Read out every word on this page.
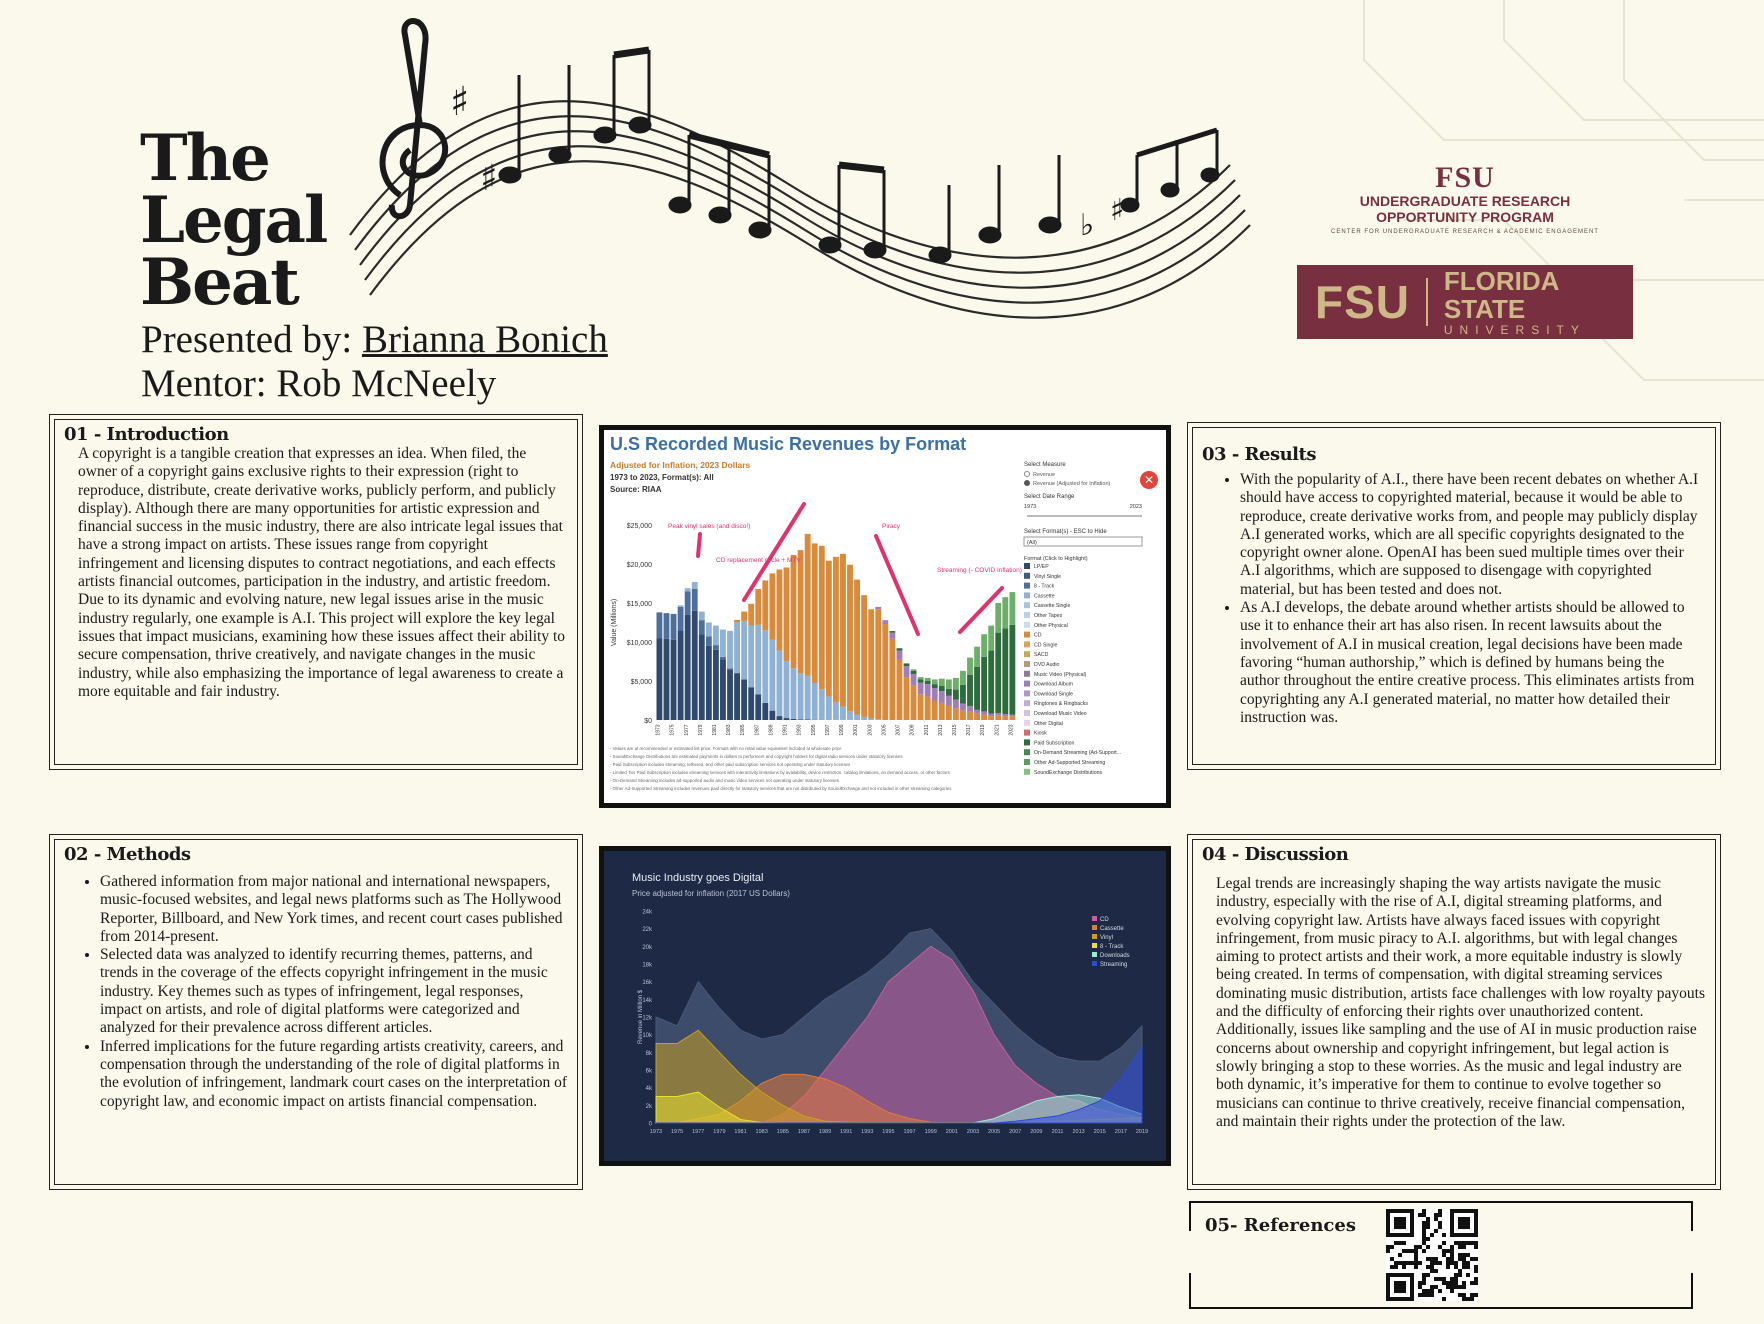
♯
♯
♭ ♯
The
Legal
Beat
Presented by: Brianna Bonich
Mentor: Rob McNeely
FSU
UNDERGRADUATE RESEARCH
OPPORTUNITY PROGRAM
CENTER FOR UNDERGRADUATE RESEARCH & ACADEMIC ENGAGEMENT
FSU FLORIDA STATE
UNIVERSITY
01 - Introduction

A copyright is a tangible creation that expresses an idea. When filed, the owner of a copyright gains exclusive rights to their expression (right to reproduce, distribute, create derivative works, publicly perform, and publicly display). Although there are many opportunities for artistic expression and financial success in the music industry, there are also intricate legal issues that have a strong impact on artists. These issues range from copyright infringement and licensing disputes to contract negotiations, and each effects artists financial outcomes, participation in the industry, and artistic freedom. Due to its dynamic and evolving nature, new legal issues arise in the music industry regularly, one example is A.I. This project will explore the key legal issues that impact musicians, examining how these issues affect their ability to secure compensation, thrive creatively, and navigate changes in the music industry, while also emphasizing the importance of legal awareness to create a more equitable and fair industry.

02 - Methods
• Gathered information from major national and international newspapers, music-focused websites, and legal news platforms such as The Hollywood Reporter, Billboard, and New York times, and recent court cases published from 2014-present.
• Selected data was analyzed to identify recurring themes, patterns, and trends in the coverage of the effects copyright infringement in the music industry. Key themes such as types of infringement, legal responses, impact on artists, and role of digital platforms were categorized and analyzed for their prevalence across different articles.
• Inferred implications for the future regarding artists creativity, careers, and compensation through the understanding of the role of digital platforms in the evolution of infringement, landmark court cases on the interpretation of copyright law, and economic impact on artists financial compensation.
03 - Results
• With the popularity of A.I., there have been recent debates on whether A.I should have access to copyrighted material, because it would be able to reproduce, create derivative works from, and people may publicly display A.I generated works, which are all specific copyrights designated to the copyright owner alone. OpenAI has been sued multiple times over their A.I algorithms, which are supposed to disengage with copyrighted material, but has been tested and does not.
• As A.I develops, the debate around whether artists should be allowed to use it to enhance their art has also risen. In recent lawsuits about the involvement of A.I in musical creation, legal decisions have been made favoring “human authorship,” which is defined by humans being the author throughout the entire creative process. This eliminates artists from copyrighting any A.I generated material, no matter how detailed their instruction was.
04 - Discussion

Legal trends are increasingly shaping the way artists navigate the music industry, especially with the rise of A.I, digital streaming platforms, and evolving copyright law. Artists have always faced issues with copyright infringement, from music piracy to A.I. algorithms, but with legal changes aiming to protect artists and their work, a more equitable industry is slowly being created. In terms of compensation, with digital streaming services dominating music distribution, artists face challenges with low royalty payouts and the difficulty of enforcing their rights over unauthorized content. Additionally, issues like sampling and the use of AI in music production raise concerns about ownership and copyright infringement, but legal action is slowly bringing a stop to these worries. As the music and legal industry are both dynamic, it’s imperative for them to continue to evolve together so musicians can continue to thrive creatively, receive financial compensation, and maintain their rights under the protection of the law.

05- References
U.S Recorded Music Revenues by Format
Adjusted for Inflation, 2023 Dollars
1973 to 2023, Format(s): All
Source: RIAA
$25,000
$20,000
$15,000
$10,000
$5,000
$0
Value (Millions)
1973 1975 1977 1979 1981 1983 1985 1987 1989 1991 1993 1995 1997 1999 2001 2003 2005 2007 2009 2011 2013 2015 2017 2019 2021 2023
Peak vinyl sales (and disco!)
CD replacement cycle + MTV
Piracy
Streaming (- COVID Inflation)
Select Measure
Revenue
Revenue (Adjusted for Inflation)	✕
Select Date Range
1973	2023
Select Format(s) - ESC to Hide
(All)
Format (Click to Highlight)
LP/EP
Vinyl Single
8 - Track
Cassette
Cassette Single
Other Tapes
Other Physical
CD
CD Single
SACD
DVD Audio
Music Video (Physical)
Download Album
Download Single
Ringtones & Ringbacks
Download Music Video
Other Digital
Kiosk
Paid Subscription
On-Demand Streaming (Ad-Support...
Other Ad-Supported Streaming
SoundExchange Distributions
- Values are at recommended or estimated list price. Formats with no retail value equivalent included at wholesale price
- SoundExchange Distributions are estimated payments in dollars to performers and copyright holders for digital radio services under statutory licenses
- Paid Subscription includes streaming, tethered, and other paid subscription services not operating under statutory licenses
- Limited Tier Paid Subscription includes streaming services with interactivity limitations by availability, device restriction, catalog limitations, on demand access, or other factors
- On-Demand Streaming includes ad-supported audio and music video services not operating under statutory licenses
- Other Ad-Supported Streaming includes revenues paid directly for statutory services that are not distributed by SoundExchange and not included in other streaming categories
Music Industry goes Digital
Price adjusted for inflation (2017 US Dollars)
24k
22k
20k
18k
16k
14k
12k
10k
8k
6k
4k
2k
0
Revenue in Million $
1973 1975 1977 1979 1981 1983 1985 1987 1989 1991 1993 1995 1997 1999 2001 2003 2005 2007 2009 2011 2013 2015 2017 2019
CD
Cassette
Vinyl
8 - Track
Downloads
Streaming
